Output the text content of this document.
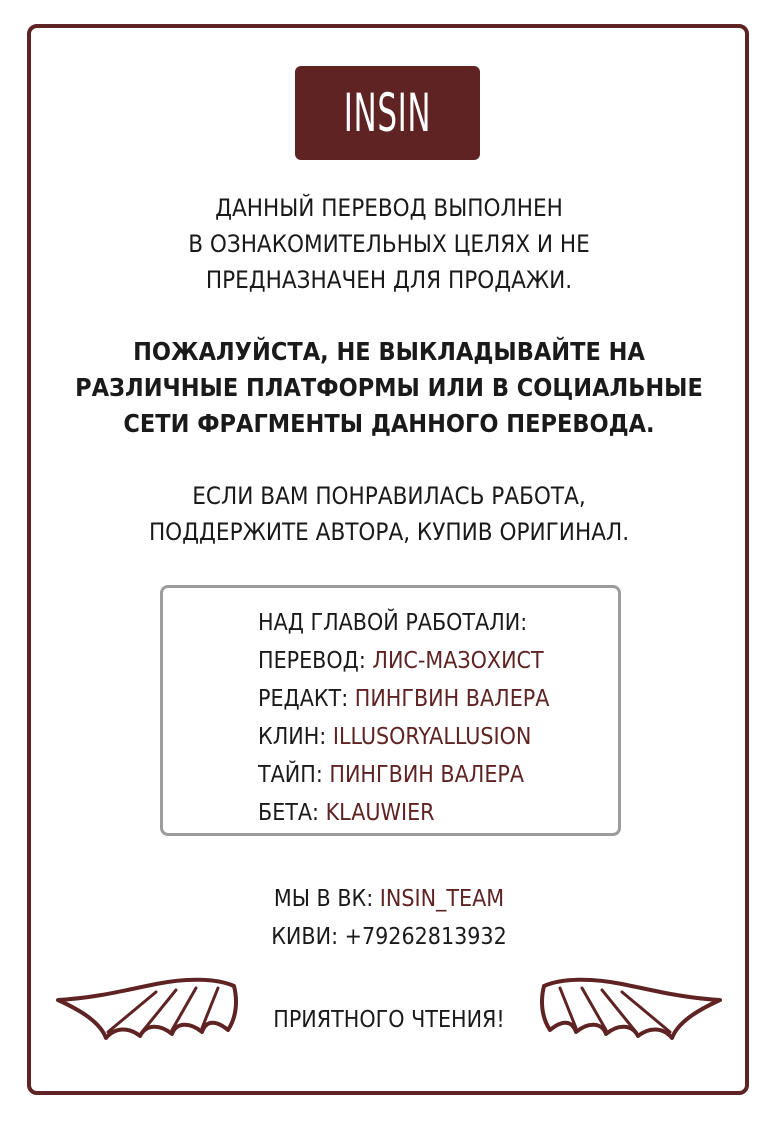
INSIN
ДАННЫЙ ПЕРЕВОД ВЫПОЛНЕН
В ОЗНАКОМИТЕЛЬНЫХ ЦЕЛЯХ И НЕ
ПРЕДНАЗНАЧЕН ДЛЯ ПРОДАЖИ.
ПОЖАЛУЙСТА, НЕ ВЫКЛАДЫВАЙТЕ НА
РАЗЛИЧНЫЕ ПЛАТФОРМЫ ИЛИ В СОЦИАЛЬНЫЕ
СЕТИ ФРАГМЕНТЫ ДАННОГО ПЕРЕВОДА.
ЕСЛИ ВАМ ПОНРАВИЛАСЬ РАБОТА,
ПОДДЕРЖИТЕ АВТОРА, КУПИВ ОРИГИНАЛ.
НАД ГЛАВОЙ РАБОТАЛИ:
ПЕРЕВОД: ЛИС-МАЗОХИСТ
РЕДАКТ: ПИНГВИН ВАЛЕРА
КЛИН: ILLUSORYALLUSION
ТАЙП: ПИНГВИН ВАЛЕРА
БЕТА: KLAUWIER
МЫ В ВК: INSIN_TEAM
КИВИ: +79262813932
ПРИЯТНОГО ЧТЕНИЯ!
